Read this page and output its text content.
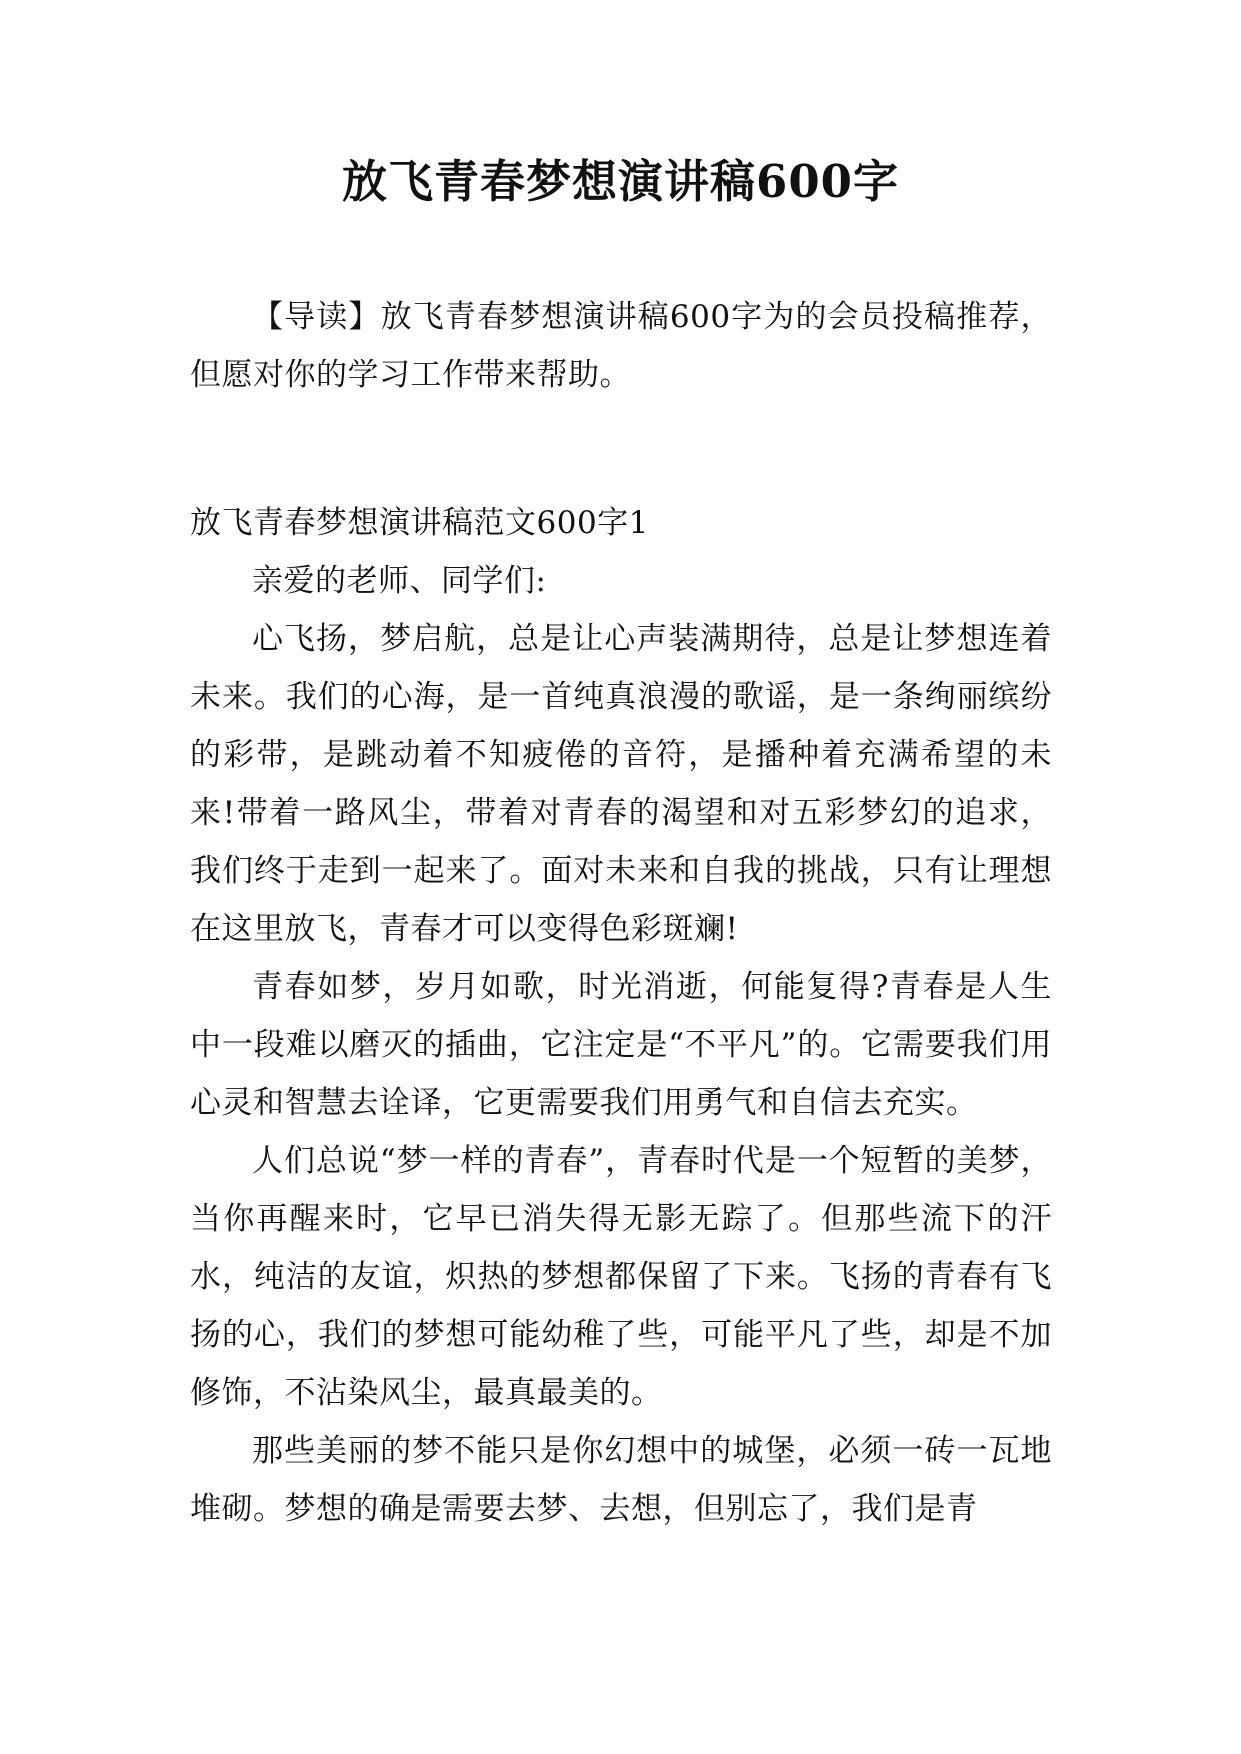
放飞青春梦想演讲稿600字

【导读】放飞青春梦想演讲稿600字为的会员投稿推荐，但愿对你的学习工作带来帮助。

放飞青春梦想演讲稿范文600字1

亲爱的老师、同学们:

心飞扬，梦启航，总是让心声装满期待，总是让梦想连着未来。我们的心海，是一首纯真浪漫的歌谣，是一条绚丽缤纷的彩带，是跳动着不知疲倦的音符，是播种着充满希望的未来!带着一路风尘，带着对青春的渴望和对五彩梦幻的追求，我们终于走到一起来了。面对未来和自我的挑战，只有让理想在这里放飞，青春才可以变得色彩斑斓!

青春如梦，岁月如歌，时光消逝，何能复得?青春是人生中一段难以磨灭的插曲，它注定是“不平凡”的。它需要我们用心灵和智慧去诠译，它更需要我们用勇气和自信去充实。

人们总说“梦一样的青春”，青春时代是一个短暂的美梦，当你再醒来时，它早已消失得无影无踪了。但那些流下的汗水，纯洁的友谊，炽热的梦想都保留了下来。飞扬的青春有飞扬的心，我们的梦想可能幼稚了些，可能平凡了些，却是不加修饰，不沾染风尘，最真最美的。

那些美丽的梦不能只是你幻想中的城堡，必须一砖一瓦地堆砌。梦想的确是需要去梦、去想，但别忘了，我们是青
